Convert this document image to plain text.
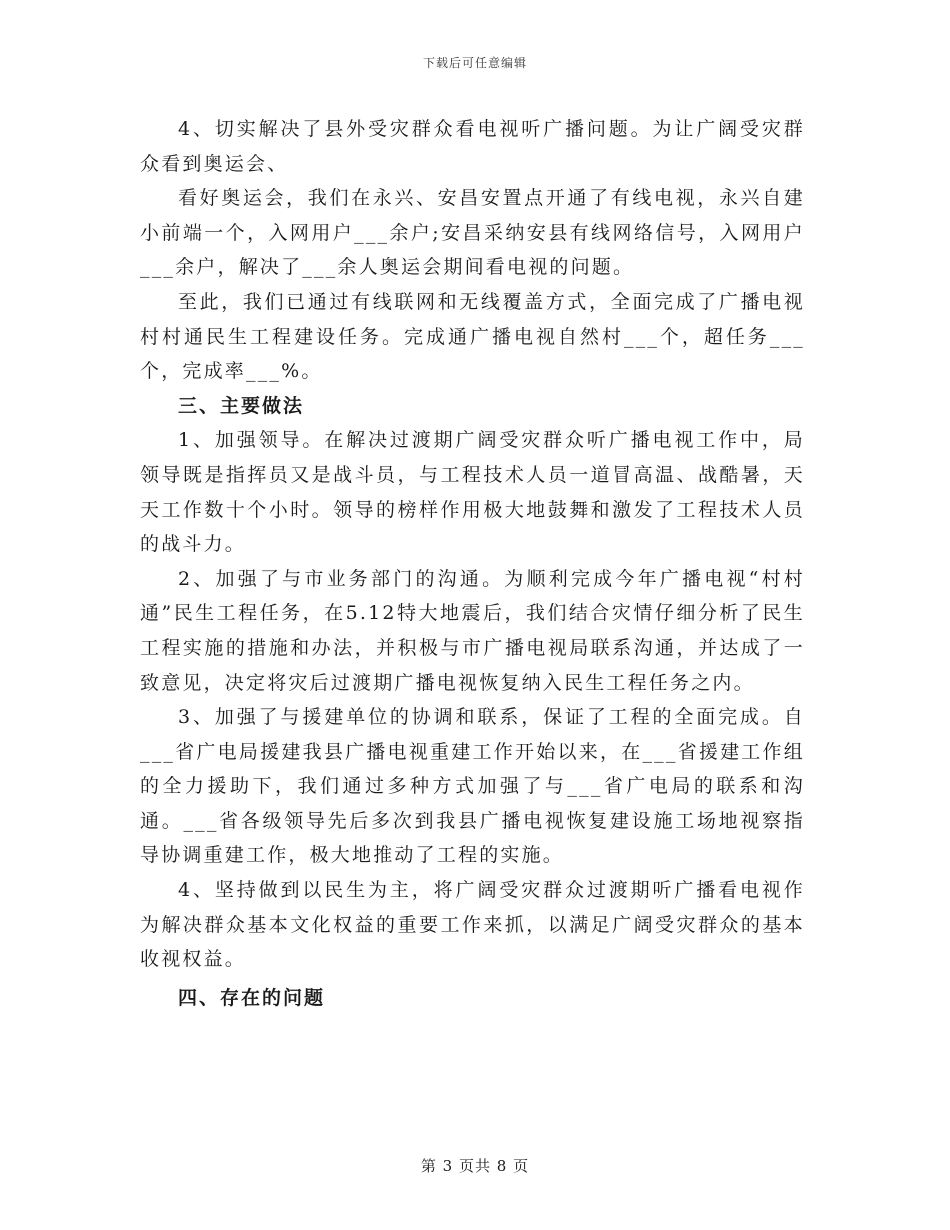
下载后可任意编辑

4、切实解决了县外受灾群众看电视听广播问题。为让广阔受灾群众看到奥运会、

看好奥运会，我们在永兴、安昌安置点开通了有线电视，永兴自建小前端一个，入网用户___余户;安昌采纳安县有线网络信号，入网用户___余户，解决了___余人奥运会期间看电视的问题。

至此，我们已通过有线联网和无线覆盖方式，全面完成了广播电视村村通民生工程建设任务。完成通广播电视自然村___个，超任务___个，完成率___%。

三、主要做法

1、加强领导。在解决过渡期广阔受灾群众听广播电视工作中，局领导既是指挥员又是战斗员，与工程技术人员一道冒高温、战酷暑，天天工作数十个小时。领导的榜样作用极大地鼓舞和激发了工程技术人员的战斗力。

2、加强了与市业务部门的沟通。为顺利完成今年广播电视“村村通”民生工程任务，在5.12特大地震后，我们结合灾情仔细分析了民生工程实施的措施和办法，并积极与市广播电视局联系沟通，并达成了一致意见，决定将灾后过渡期广播电视恢复纳入民生工程任务之内。

3、加强了与援建单位的协调和联系，保证了工程的全面完成。自___省广电局援建我县广播电视重建工作开始以来，在___省援建工作组的全力援助下，我们通过多种方式加强了与___省广电局的联系和沟通。___省各级领导先后多次到我县广播电视恢复建设施工场地视察指导协调重建工作，极大地推动了工程的实施。

4、坚持做到以民生为主，将广阔受灾群众过渡期听广播看电视作为解决群众基本文化权益的重要工作来抓，以满足广阔受灾群众的基本收视权益。

四、存在的问题

第 3 页共 8 页
